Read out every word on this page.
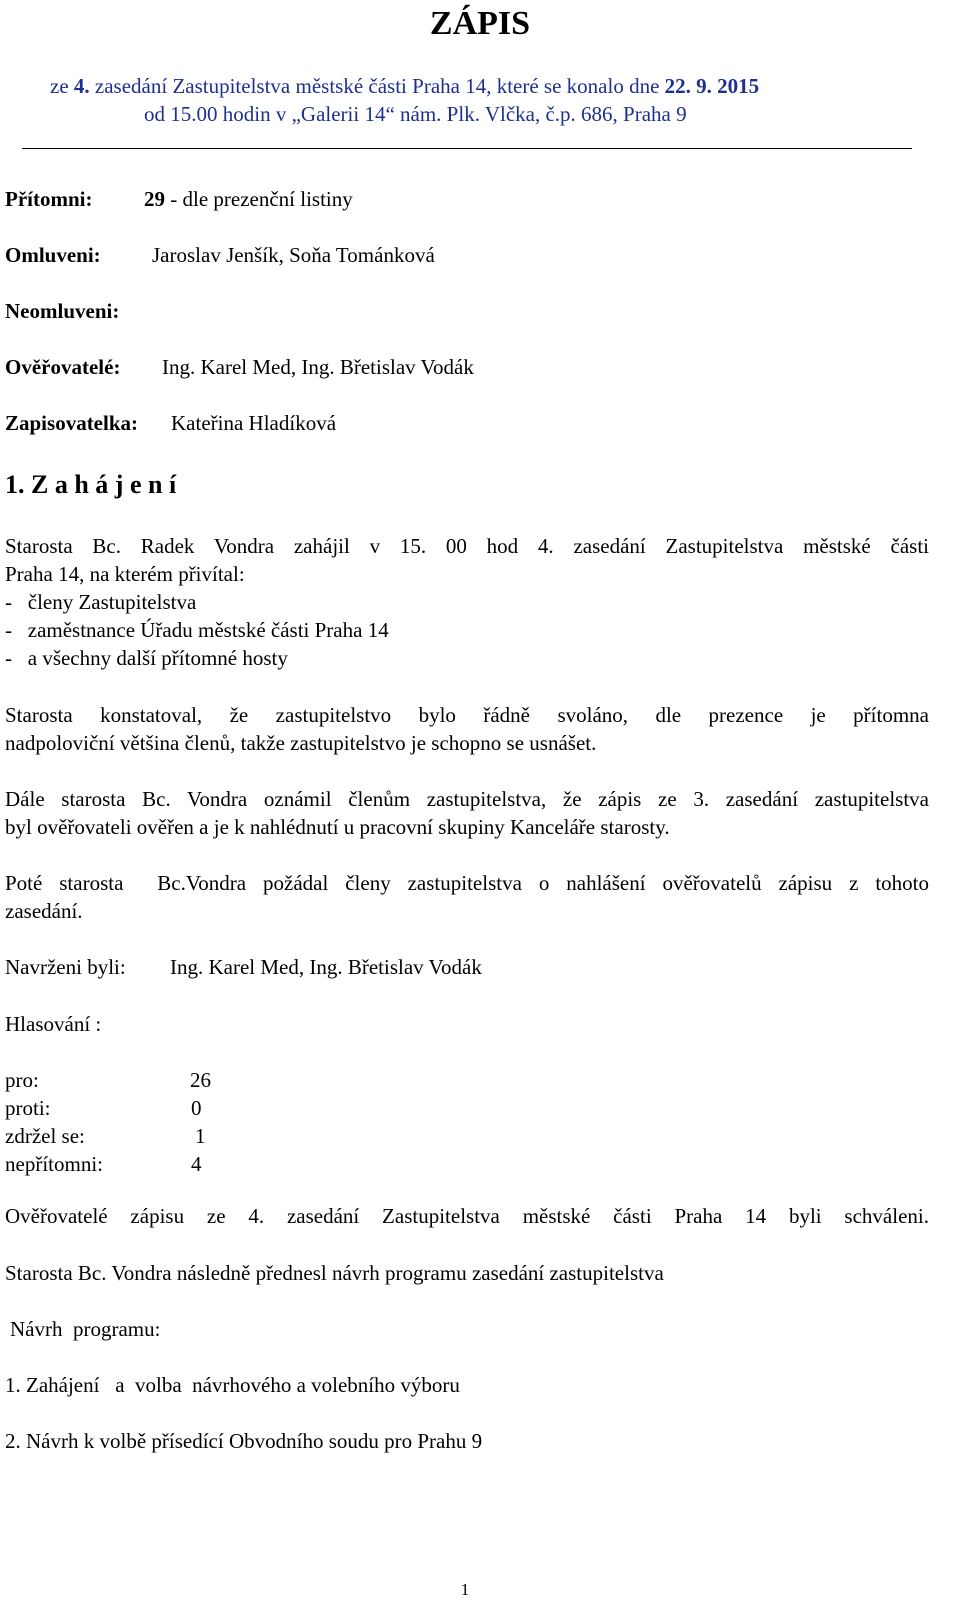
ZÁPIS
ze 4. zasedání Zastupitelstva městské části Praha 14, které se konalo dne 22. 9. 2015
od 15.00 hodin v „Galerii 14“ nám. Plk. Vlčka, č.p. 686, Praha 9
Přítomni: 29 - dle prezenční listiny
Omluveni: Jaroslav Jenšík, Soňa Tománková
Neomluveni:
Ověřovatelé: Ing. Karel Med, Ing. Břetislav Vodák
Zapisovatelka: Kateřina Hladíková
1. Z a h á j e n í
Starosta Bc. Radek Vondra zahájil v 15. 00 hod 4. zasedání Zastupitelstva městské části
Praha 14, na kterém přivítal:
-   členy Zastupitelstva
-   zaměstnance Úřadu městské části Praha 14
-   a všechny další přítomné hosty
Starosta konstatoval, že zastupitelstvo bylo řádně svoláno, dle prezence je přítomna
nadpoloviční většina členů, takže zastupitelstvo je schopno se usnášet.
Dále starosta Bc. Vondra oznámil členům zastupitelstva, že zápis ze 3. zasedání zastupitelstva
byl ověřovateli ověřen a je k nahlédnutí u pracovní skupiny Kanceláře starosty.
Poté starosta  Bc.Vondra požádal členy zastupitelstva o nahlášení ověřovatelů zápisu z tohoto
zasedání.
Navrženi byli: Ing. Karel Med, Ing. Břetislav Vodák
Hlasování :
pro:	26
proti:	0
zdržel se:	1
nepřítomni:	4
Ověřovatelé zápisu ze 4. zasedání Zastupitelstva městské části Praha 14 byli schváleni.
Starosta Bc. Vondra následně přednesl návrh programu zasedání zastupitelstva
Návrh  programu:
1. Zahájení   a  volba  návrhového a volebního výboru
2. Návrh k volbě přísedící Obvodního soudu pro Prahu 9
1
